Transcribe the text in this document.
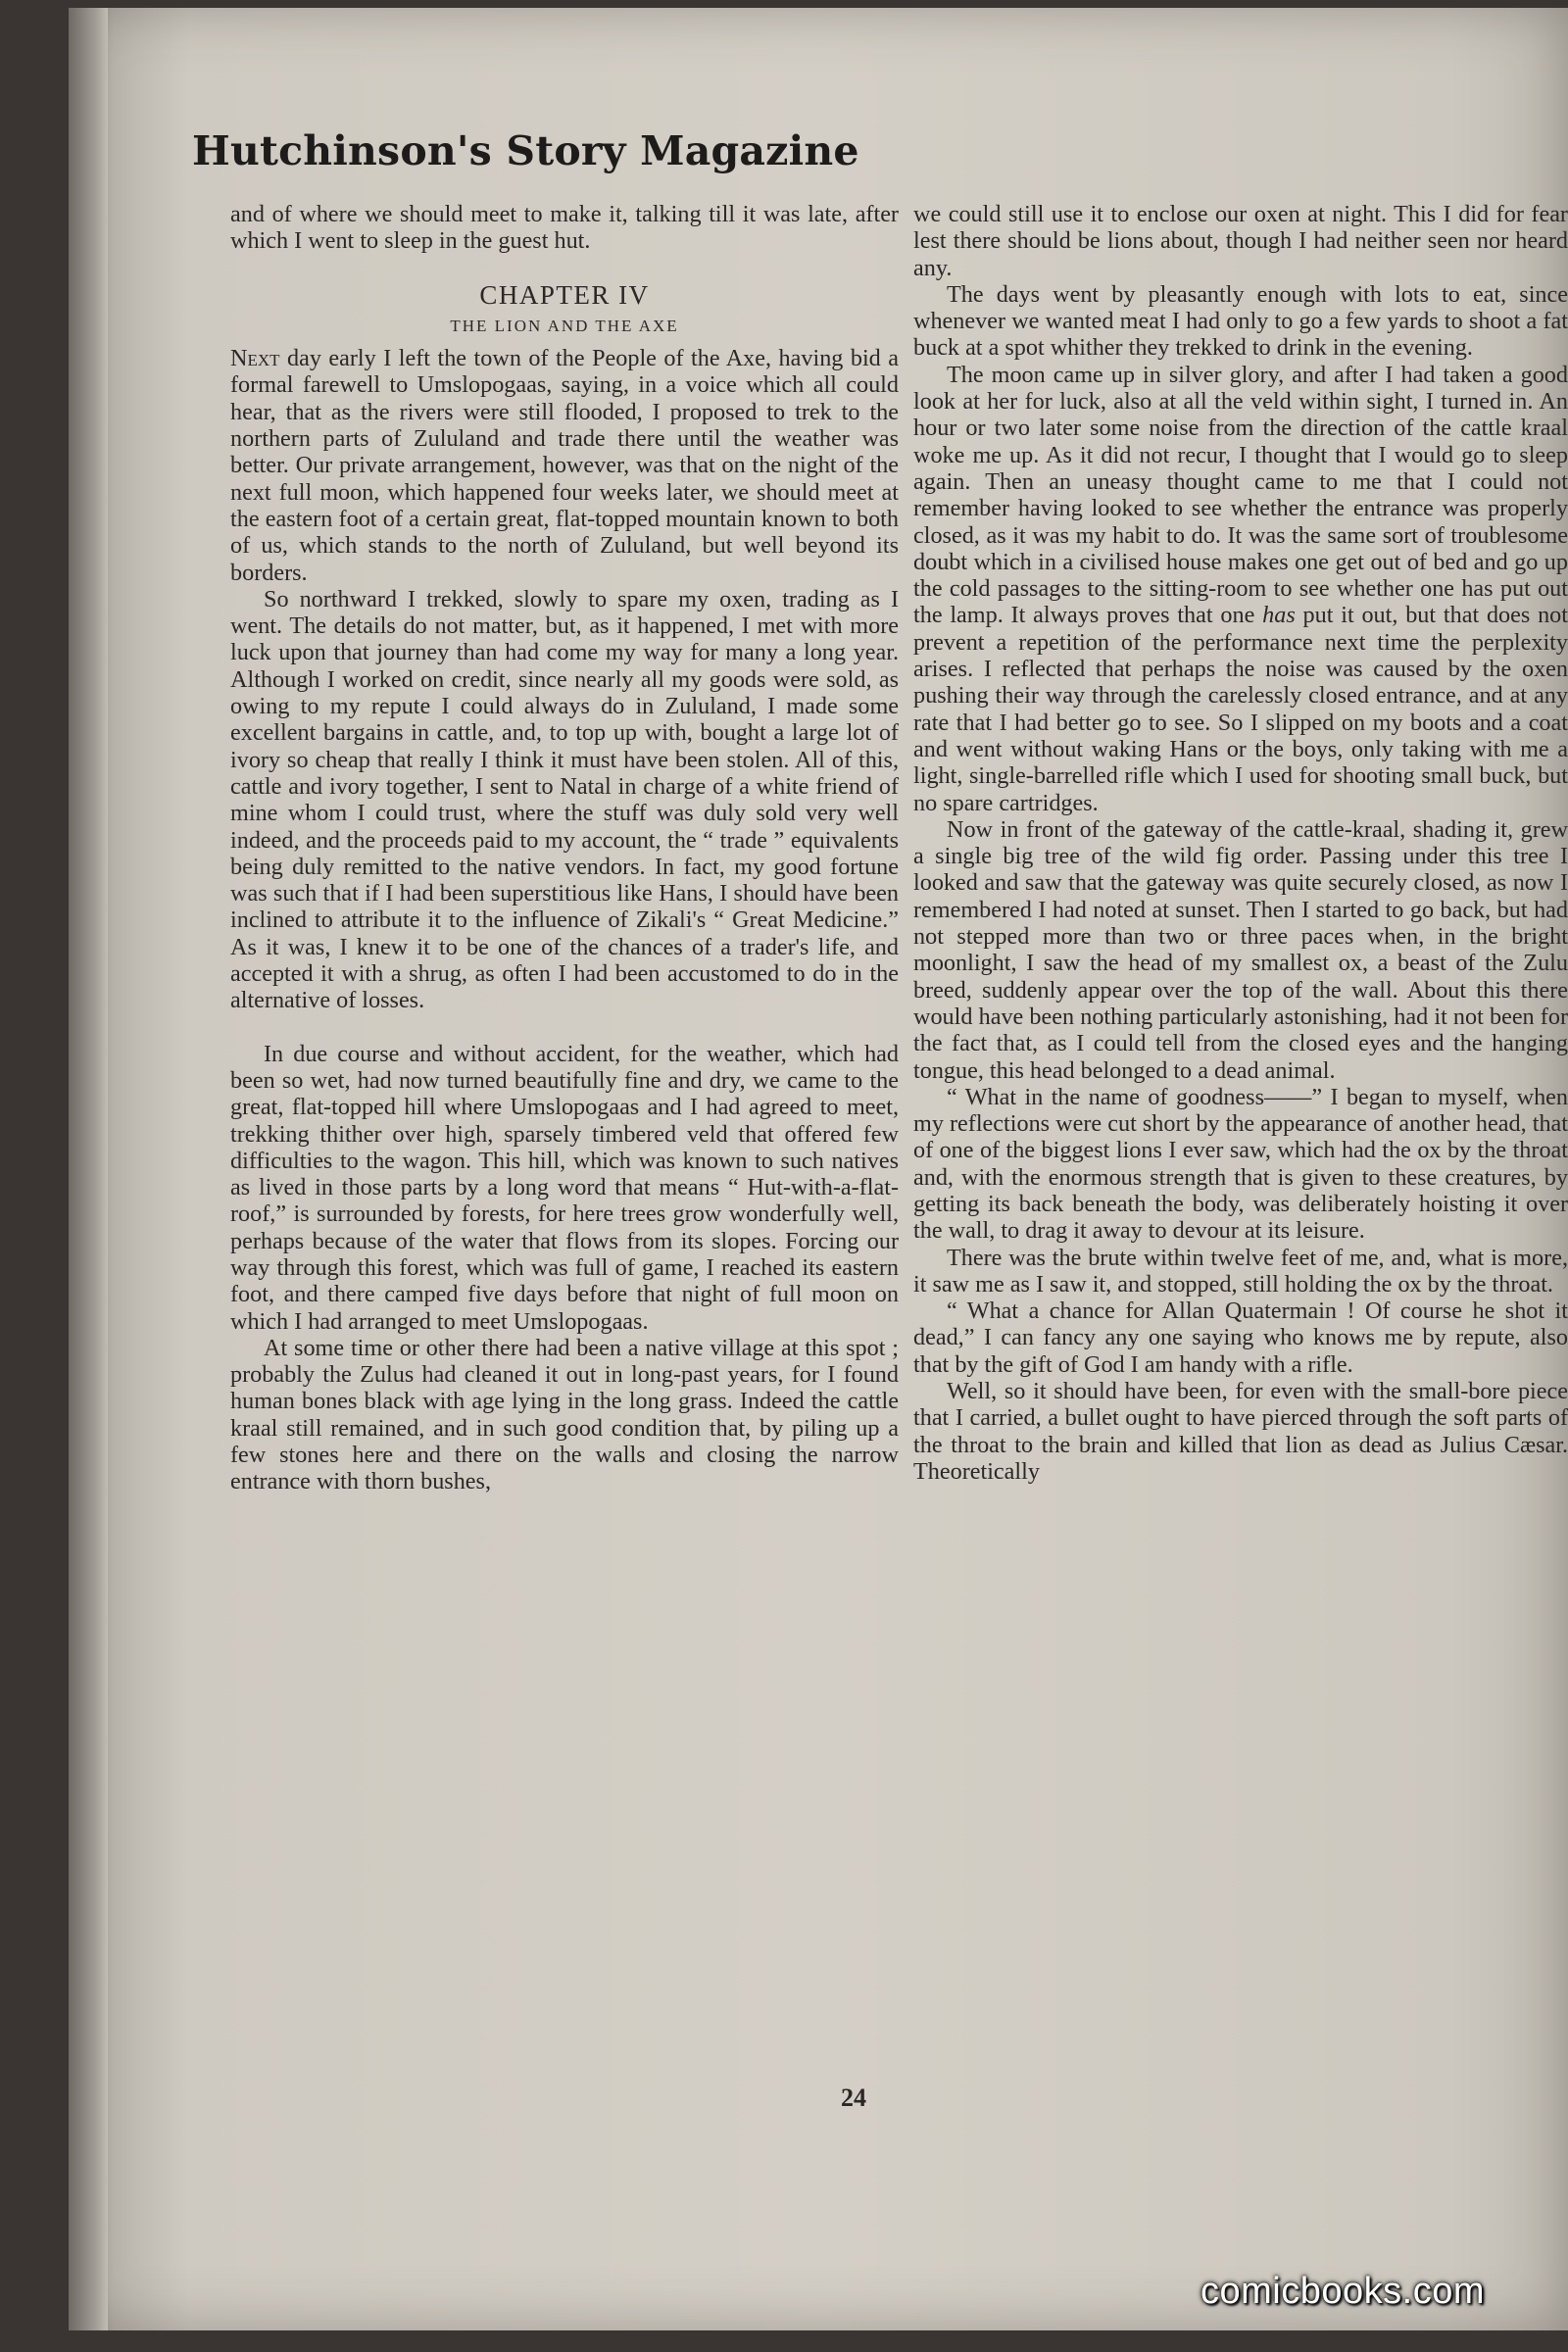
Hutchinson's Story Magazine

and of where we should meet to make it, talking till it was late, after which I went to sleep in the guest hut.

CHAPTER IV
THE LION AND THE AXE

Next day early I left the town of the People of the Axe, having bid a formal farewell to Umslopogaas, saying, in a voice which all could hear, that as the rivers were still flooded, I proposed to trek to the northern parts of Zululand and trade there until the weather was better. Our private arrangement, however, was that on the night of the next full moon, which happened four weeks later, we should meet at the eastern foot of a certain great, flat-topped mountain known to both of us, which stands to the north of Zululand, but well beyond its borders.

So northward I trekked, slowly to spare my oxen, trading as I went. The details do not matter, but, as it happened, I met with more luck upon that journey than had come my way for many a long year. Although I worked on credit, since nearly all my goods were sold, as owing to my repute I could always do in Zululand, I made some excellent bargains in cattle, and, to top up with, bought a large lot of ivory so cheap that really I think it must have been stolen. All of this, cattle and ivory together, I sent to Natal in charge of a white friend of mine whom I could trust, where the stuff was duly sold very well indeed, and the proceeds paid to my account, the “ trade ” equivalents being duly remitted to the native vendors. In fact, my good fortune was such that if I had been superstitious like Hans, I should have been inclined to attribute it to the influence of Zikali's “ Great Medicine.” As it was, I knew it to be one of the chances of a trader's life, and accepted it with a shrug, as often I had been accustomed to do in the alternative of losses.

In due course and without accident, for the weather, which had been so wet, had now turned beautifully fine and dry, we came to the great, flat-topped hill where Umslopogaas and I had agreed to meet, trekking thither over high, sparsely timbered veld that offered few difficulties to the wagon. This hill, which was known to such natives as lived in those parts by a long word that means “ Hut-with-a-flat-roof,” is surrounded by forests, for here trees grow wonderfully well, perhaps because of the water that flows from its slopes. Forcing our way through this forest, which was full of game, I reached its eastern foot, and there camped five days before that night of full moon on which I had arranged to meet Umslopogaas.

At some time or other there had been a native village at this spot ; probably the Zulus had cleaned it out in long-past years, for I found human bones black with age lying in the long grass. Indeed the cattle kraal still remained, and in such good condition that, by piling up a few stones here and there on the walls and closing the narrow entrance with thorn bushes,

we could still use it to enclose our oxen at night. This I did for fear lest there should be lions about, though I had neither seen nor heard any.

The days went by pleasantly enough with lots to eat, since whenever we wanted meat I had only to go a few yards to shoot a fat buck at a spot whither they trekked to drink in the evening.

The moon came up in silver glory, and after I had taken a good look at her for luck, also at all the veld within sight, I turned in. An hour or two later some noise from the direction of the cattle kraal woke me up. As it did not recur, I thought that I would go to sleep again. Then an uneasy thought came to me that I could not remember having looked to see whether the entrance was properly closed, as it was my habit to do. It was the same sort of troublesome doubt which in a civilised house makes one get out of bed and go up the cold passages to the sitting-room to see whether one has put out the lamp. It always proves that one has put it out, but that does not prevent a repetition of the performance next time the perplexity arises. I reflected that perhaps the noise was caused by the oxen pushing their way through the carelessly closed entrance, and at any rate that I had better go to see. So I slipped on my boots and a coat and went without waking Hans or the boys, only taking with me a light, single-barrelled rifle which I used for shooting small buck, but no spare cartridges.

Now in front of the gateway of the cattle-kraal, shading it, grew a single big tree of the wild fig order. Passing under this tree I looked and saw that the gateway was quite securely closed, as now I remembered I had noted at sunset. Then I started to go back, but had not stepped more than two or three paces when, in the bright moonlight, I saw the head of my smallest ox, a beast of the Zulu breed, suddenly appear over the top of the wall. About this there would have been nothing particularly astonishing, had it not been for the fact that, as I could tell from the closed eyes and the hanging tongue, this head belonged to a dead animal.

“ What in the name of goodness——” I began to myself, when my reflections were cut short by the appearance of another head, that of one of the biggest lions I ever saw, which had the ox by the throat and, with the enormous strength that is given to these creatures, by getting its back beneath the body, was deliberately hoisting it over the wall, to drag it away to devour at its leisure.

There was the brute within twelve feet of me, and, what is more, it saw me as I saw it, and stopped, still holding the ox by the throat.

“ What a chance for Allan Quatermain ! Of course he shot it dead,” I can fancy any one saying who knows me by repute, also that by the gift of God I am handy with a rifle.

Well, so it should have been, for even with the small-bore piece that I carried, a bullet ought to have pierced through the soft parts of the throat to the brain and killed that lion as dead as Julius Cæsar. Theoretically

24
comicbooks.com
